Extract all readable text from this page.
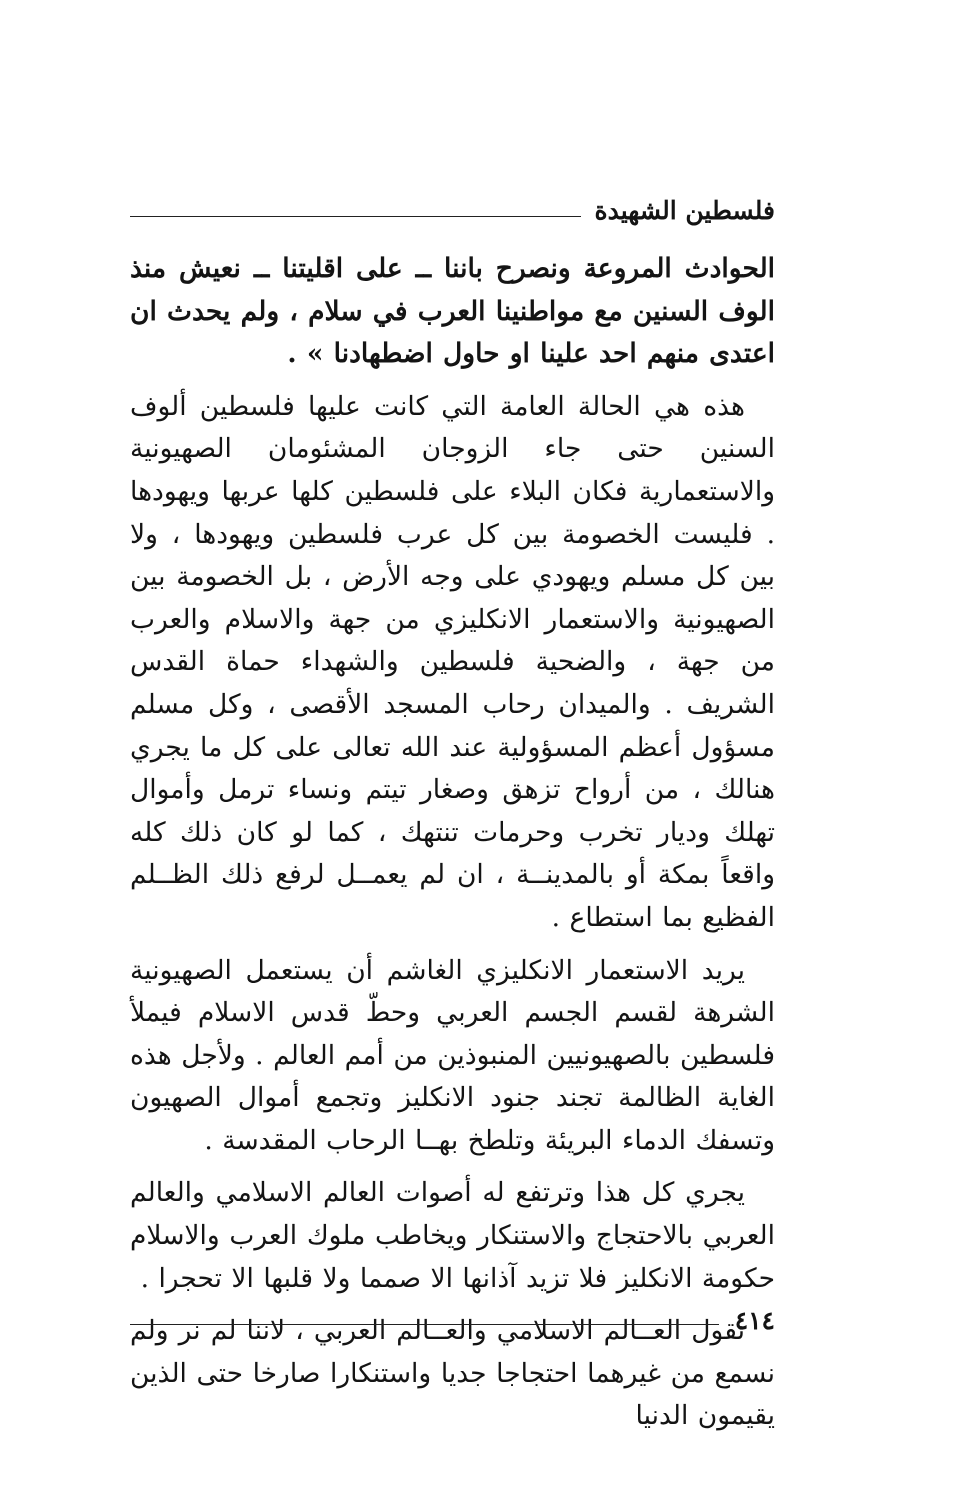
فلسطين الشهيدة

الحوادث المروعة ونصرح باننا ــ على اقليتنا ــ نعيش منذ الوف السنين مع مواطنينا العرب في سلام ، ولم يحدث ان اعتدى منهم احد علينا او حاول اضطهادنا » .

هذه هي الحالة العامة التي كانت عليها فلسطين ألوف السنين حتى جاء الزوجان المشئومان الصهيونية والاستعمارية فكان البلاء على فلسطين كلها عربها ويهودها . فليست الخصومة بين كل عرب فلسطين ويهودها ، ولا بين كل مسلم ويهودي على وجه الأرض ، بل الخصومة بين الصهيونية والاستعمار الانكليزي من جهة والاسلام والعرب من جهة ، والضحية فلسطين والشهداء حماة القدس الشريف . والميدان رحاب المسجد الأقصى ، وكل مسلم مسؤول أعظم المسؤولية عند الله تعالى على كل ما يجري هنالك ، من أرواح تزهق وصغار تيتم ونساء ترمل وأموال تهلك وديار تخرب وحرمات تنتهك ، كما لو كان ذلك كله واقعاً بمكة أو بالمدينــة ، ان لم يعمــل لرفع ذلك الظــلم الفظيع بما استطاع .

يريد الاستعمار الانكليزي الغاشم أن يستعمل الصهيونية الشرهة لقسم الجسم العربي وحطّ قدس الاسلام فيملأ فلسطين بالصهيونيين المنبوذين من أمم العالم . ولأجل هذه الغاية الظالمة تجند جنود الانكليز وتجمع أموال الصهيون وتسفك الدماء البريئة وتلطخ بهــا الرحاب المقدسة .

يجري كل هذا وترتفع له أصوات العالم الاسلامي والعالم العربي بالاحتجاج والاستنكار ويخاطب ملوك العرب والاسلام حكومة الانكليز فلا تزيد آذانها الا صمما ولا قلبها الا تحجرا .

نقول العــالم الاسلامي والعــالم العربي ، لاننا لم نر ولم نسمع من غيرهما احتجاجا جديا واستنكارا صارخا حتى الذين يقيمون الدنيا

٤١٤
